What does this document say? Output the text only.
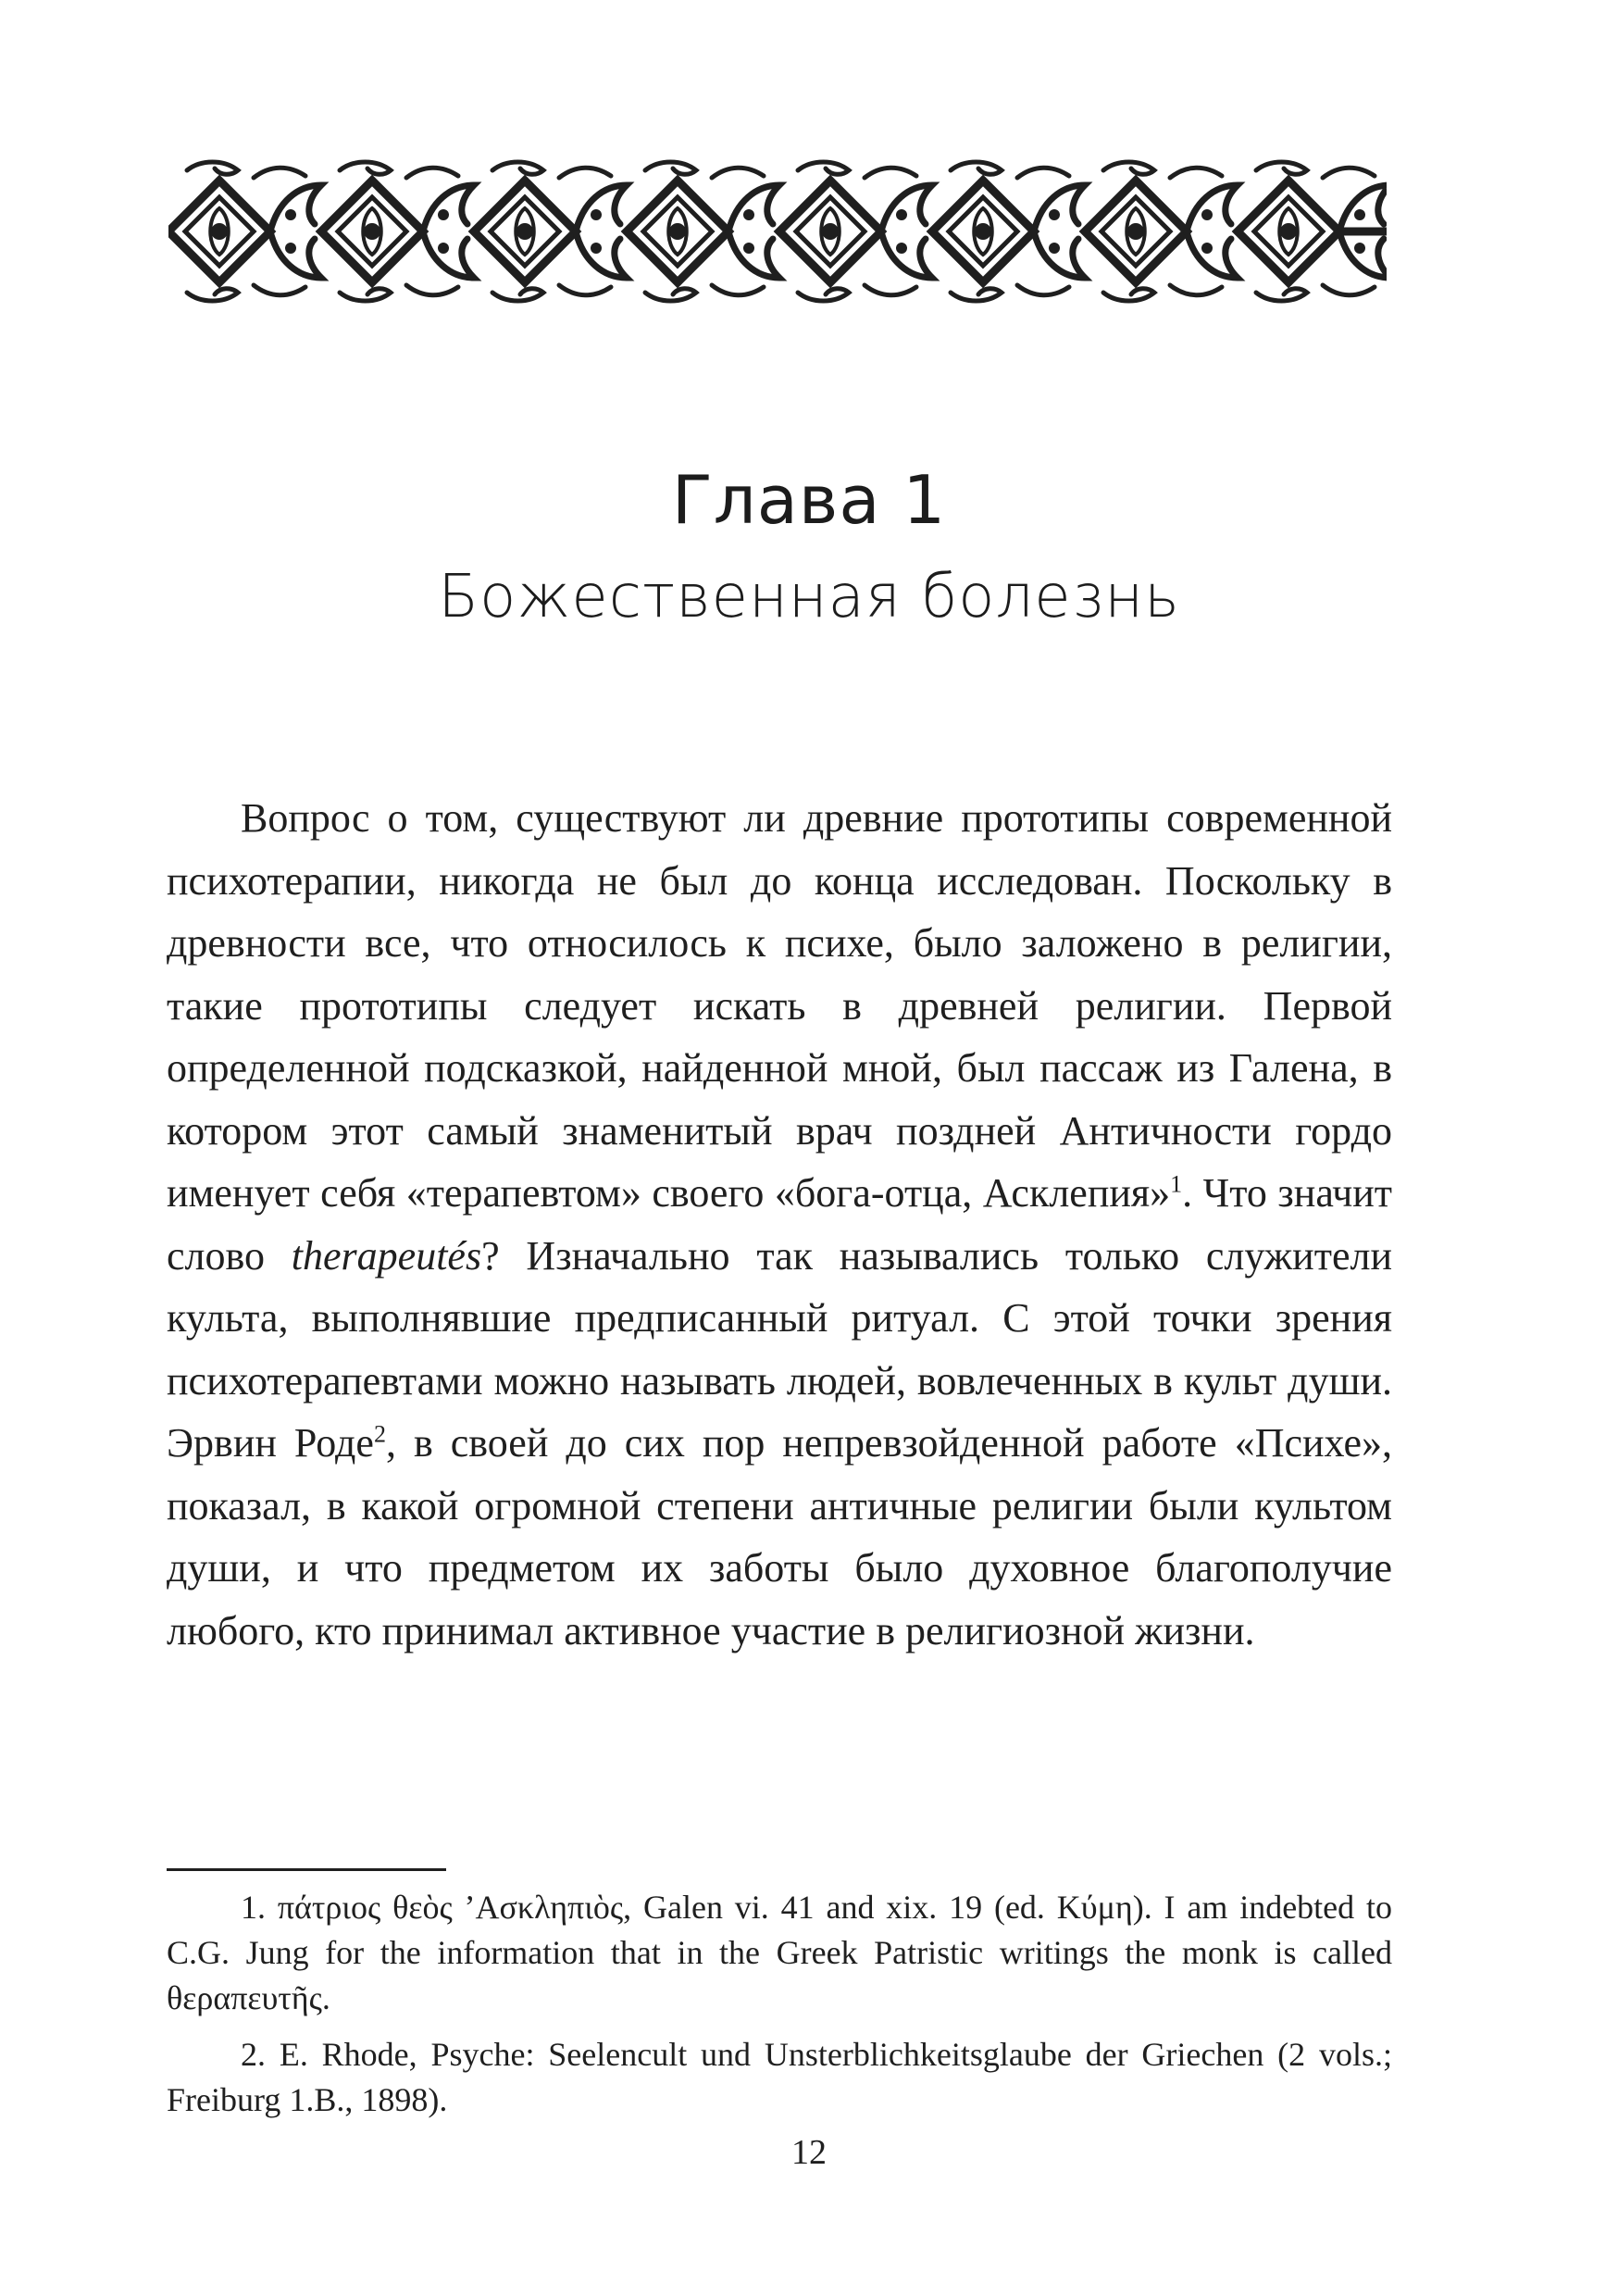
Глава 1
Божественная болезнь

Вопрос о том, существуют ли древние прототипы современной психотерапии, никогда не был до конца исследован. Поскольку в древности все, что относилось к психе, было заложено в религии, такие прототипы следует искать в древней религии. Первой определенной подсказкой, найденной мной, был пассаж из Галена, в котором этот самый знаменитый врач поздней Античности гордо именует себя «терапевтом» своего «бога-отца, Асклепия»$^1$. Что значит слово therapeutés? Изначально так назывались только служители культа, выполнявшие предписанный ритуал. С этой точки зрения психотерапевтами можно называть людей, вовлеченных в культ души. Эрвин Роде$^2$, в своей до сих пор непревзойденной работе «Психе», показал, в какой огромной степени античные религии были культом души, и что предметом их заботы было духовное благополучие любого, кто принимал активное участие в религиозной жизни.

1. πάτριος θεὸς ʼΑσκληπιὸς, Galen vi. 41 and xix. 19 (ed. Κύμη). I am indebted to C.G. Jung for the information that in the Greek Patristic writings the monk is called θεραπευτῆς.

2. E. Rhode, Psyche: Seelencult und Unsterblichkeitsglaube der Griechen (2 vols.; Freiburg 1.B., 1898).

12
